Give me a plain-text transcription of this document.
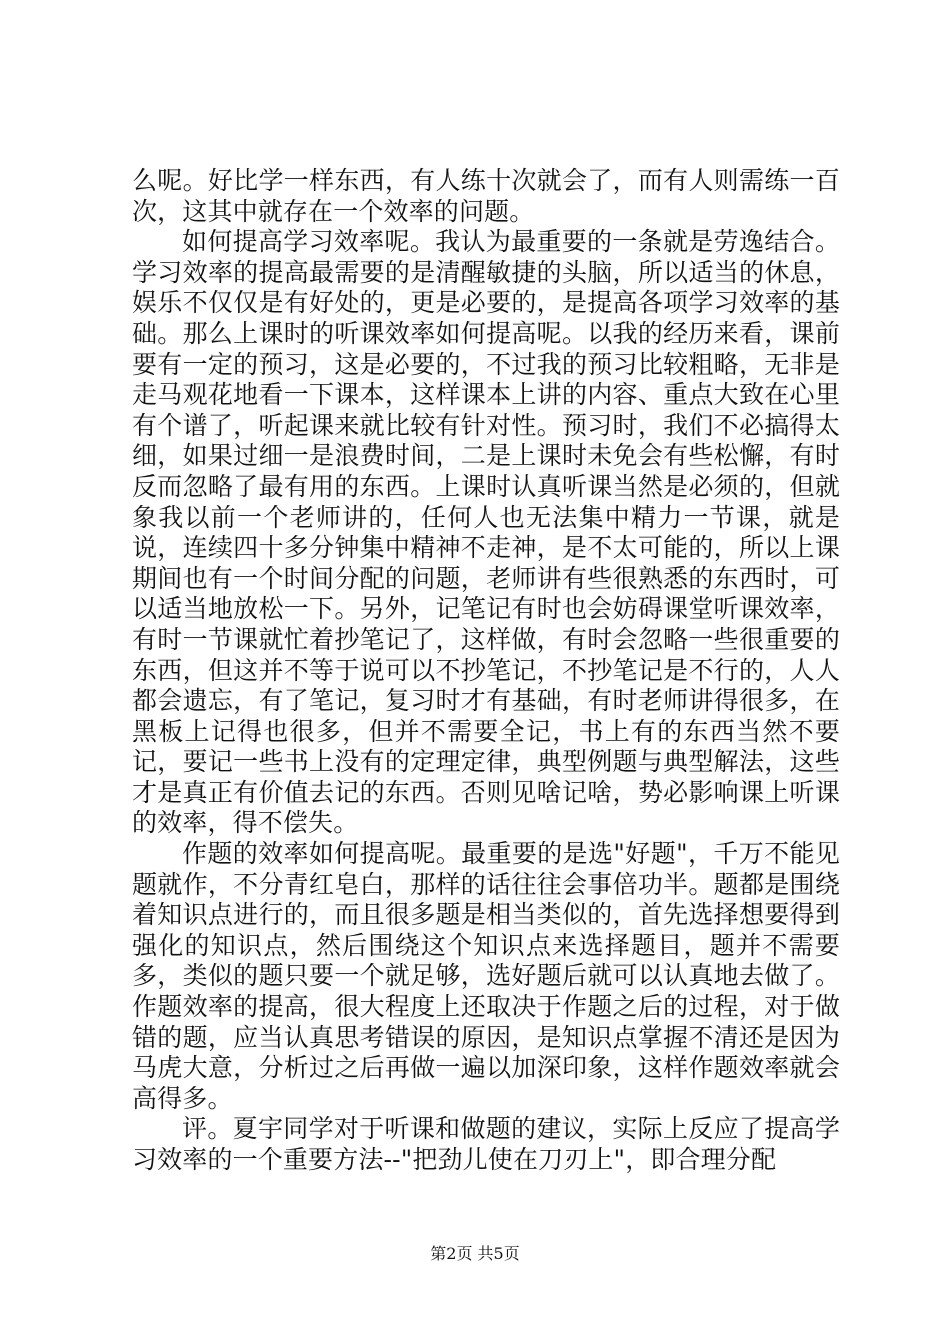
么呢。好比学一样东西，有人练十次就会了，而有人则需练一百次，这其中就存在一个效率的问题。

如何提高学习效率呢。我认为最重要的一条就是劳逸结合。学习效率的提高最需要的是清醒敏捷的头脑，所以适当的休息，娱乐不仅仅是有好处的，更是必要的，是提高各项学习效率的基础。那么上课时的听课效率如何提高呢。以我的经历来看，课前要有一定的预习，这是必要的，不过我的预习比较粗略，无非是走马观花地看一下课本，这样课本上讲的内容、重点大致在心里有个谱了，听起课来就比较有针对性。预习时，我们不必搞得太细，如果过细一是浪费时间，二是上课时未免会有些松懈，有时反而忽略了最有用的东西。上课时认真听课当然是必须的，但就象我以前一个老师讲的，任何人也无法集中精力一节课，就是说，连续四十多分钟集中精神不走神，是不太可能的，所以上课期间也有一个时间分配的问题，老师讲有些很熟悉的东西时，可以适当地放松一下。另外，记笔记有时也会妨碍课堂听课效率，有时一节课就忙着抄笔记了，这样做，有时会忽略一些很重要的东西，但这并不等于说可以不抄笔记，不抄笔记是不行的，人人都会遗忘，有了笔记，复习时才有基础，有时老师讲得很多，在黑板上记得也很多，但并不需要全记，书上有的东西当然不要记，要记一些书上没有的定理定律，典型例题与典型解法，这些才是真正有价值去记的东西。否则见啥记啥，势必影响课上听课的效率，得不偿失。

作题的效率如何提高呢。最重要的是选"好题"，千万不能见题就作，不分青红皂白，那样的话往往会事倍功半。题都是围绕着知识点进行的，而且很多题是相当类似的，首先选择想要得到强化的知识点，然后围绕这个知识点来选择题目，题并不需要多，类似的题只要一个就足够，选好题后就可以认真地去做了。作题效率的提高，很大程度上还取决于作题之后的过程，对于做错的题，应当认真思考错误的原因，是知识点掌握不清还是因为马虎大意，分析过之后再做一遍以加深印象，这样作题效率就会高得多。

评。夏宇同学对于听课和做题的建议，实际上反应了提高学习效率的一个重要方法--"把劲儿使在刀刃上"，即合理分配

第2页 共5页
